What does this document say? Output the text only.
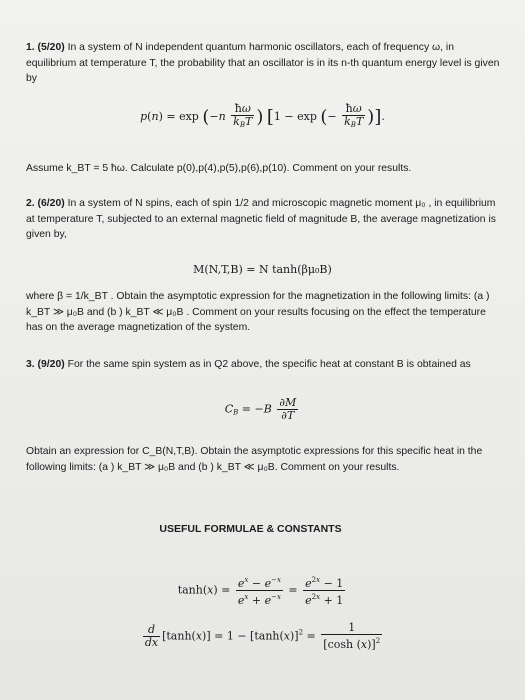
1. (5/20) In a system of N independent quantum harmonic oscillators, each of frequency ω, in equilibrium at temperature T, the probability that an oscillator is in its n-th quantum energy level is given by
$p(n) = \exp (-n \frac{ħ\omega}{k_BT}$ ) [1 − exp (− $\frac{ħ\omega}{k_BT}$ )].
Assume k_BT = 5 ħω. Calculate p(0),p(4),p(5),p(6),p(10). Comment on your results.
2. (6/20) In a system of N spins, each of spin 1/2 and microscopic magnetic moment μ₀ , in equilibrium at temperature T, subjected to an external magnetic field of magnitude B, the average magnetization is given by,
M(N,T,B) = N tanh(βμ₀B)
where β = 1/k_BT . Obtain the asymptotic expression for the magnetization in the following limits: (a ) k_BT ≫ μ₀B and (b ) k_BT ≪ μ₀B . Comment on your results focusing on the effect the temperature has on the average magnetization of the system.
3. (9/20) For the same spin system as in Q2 above, the specific heat at constant B is obtained as
$C_B = -B \frac{\partial M}{\partial T}$
Obtain an expression for C_B(N,T,B). Obtain the asymptotic expressions for this specific heat in the following limits: (a ) k_BT ≫ μ₀B and (b ) k_BT ≪ μ₀B. Comment on your results.
USEFUL FORMULAE & CONSTANTS
$\tanh(x) = \frac{e^x - e^{-x}}{e^x + e^{-x}} = \frac{e^{2x} - 1}{e^{2x} + 1}$
$\frac{d}{dx} [\tanh(x)] = 1 - [\tanh(x)]^2 = \frac{1}{[\cosh (x)]^2}$
